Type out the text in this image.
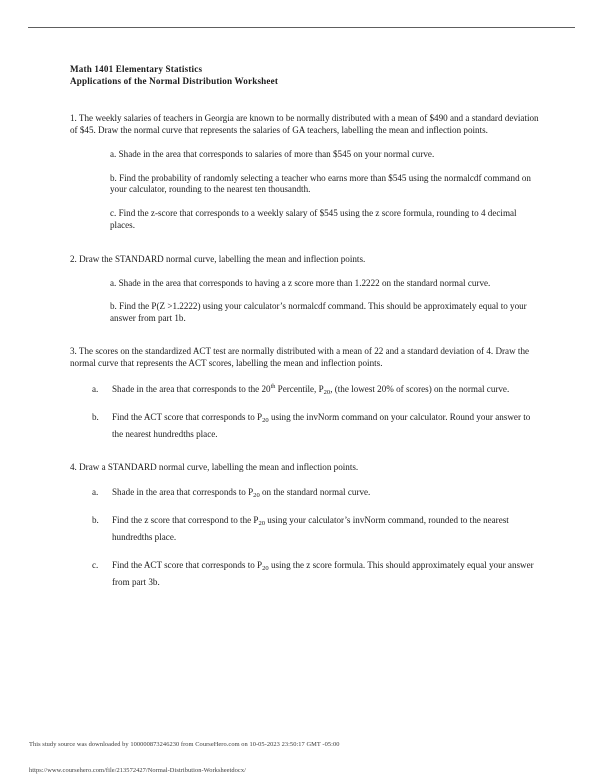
Math 1401 Elementary Statistics
Applications of the Normal Distribution Worksheet

1. The weekly salaries of teachers in Georgia are known to be normally distributed with a mean of $490 and a standard deviation of $45. Draw the normal curve that represents the salaries of GA teachers, labelling the mean and inflection points.

a. Shade in the area that corresponds to salaries of more than $545 on your normal curve.

b. Find the probability of randomly selecting a teacher who earns more than $545 using the normalcdf command on your calculator, rounding to the nearest ten thousandth.

c. Find the z-score that corresponds to a weekly salary of $545 using the z score formula, rounding to 4 decimal places.

2. Draw the STANDARD normal curve, labelling the mean and inflection points.

a. Shade in the area that corresponds to having a z score more than 1.2222 on the standard normal curve.

b. Find the P(Z >1.2222) using your calculator’s normalcdf command. This should be approximately equal to your answer from part 1b.

3. The scores on the standardized ACT test are normally distributed with a mean of 22 and a standard deviation of 4. Draw the normal curve that represents the ACT scores, labelling the mean and inflection points.

a.	Shade in the area that corresponds to the 20th Percentile, $P_{20}$, (the lowest 20% of scores) on the normal curve.
b.	Find the ACT score that corresponds to $P_{20}$ using the invNorm command on your calculator. Round your answer to the nearest hundredths place.

4. Draw a STANDARD normal curve, labelling the mean and inflection points.

a.	Shade in the area that corresponds to $P_{20}$ on the standard normal curve.
b.	Find the z score that correspond to the $P_{20}$ using your calculator’s invNorm command, rounded to the nearest hundredths place.
c.	Find the ACT score that corresponds to $P_{20}$ using the z score formula. This should approximately equal your answer from part 3b.
This study source was downloaded by 100000873246230 from CourseHero.com on 10-05-2023 23:50:17 GMT -05:00
https://www.coursehero.com/file/213572427/Normal-Distribution-Worksheetdocx/
